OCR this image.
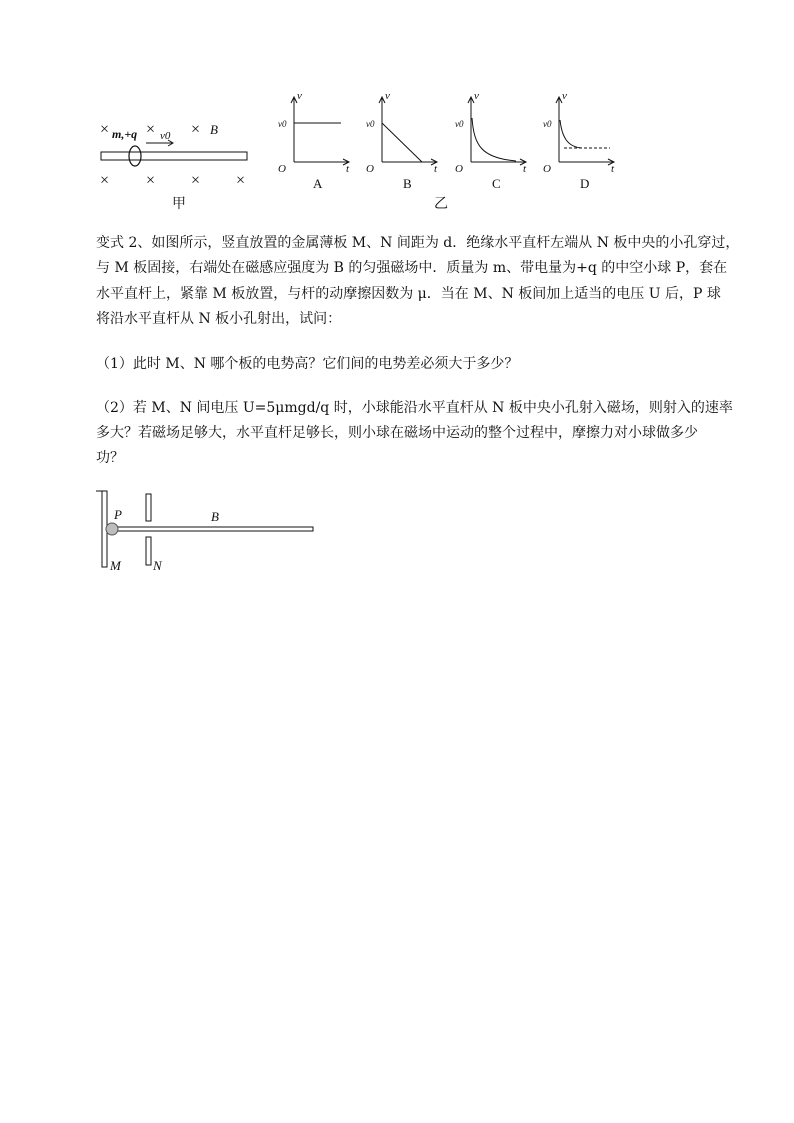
× × ×
× × × ×
m,+q v0	B
甲
v
t
O
v0
A
v
t
O
v0
B
v
t
O
v0
C
v
t
O
v0
D
乙
变式 2、如图所示，竖直放置的金属薄板 M、N 间距为 d．绝缘水平直杆左端从 N 板中央的小孔穿过，
与 M 板固接，右端处在磁感应强度为 B 的匀强磁场中．质量为 m、带电量为+q 的中空小球 P，套在
水平直杆上，紧靠 M 板放置，与杆的动摩擦因数为 μ．当在 M、N 板间加上适当的电压 U 后，P 球
将沿水平直杆从 N 板小孔射出，试问：
（1）此时 M、N 哪个板的电势高？它们间的电势差必须大于多少？
（2）若 M、N 间电压 U=5μmgd/q 时，小球能沿水平直杆从 N 板中央小孔射入磁场，则射入的速率
多大？若磁场足够大，水平直杆足够长，则小球在磁场中运动的整个过程中，摩擦力对小球做多少
功？
P	B
M N
